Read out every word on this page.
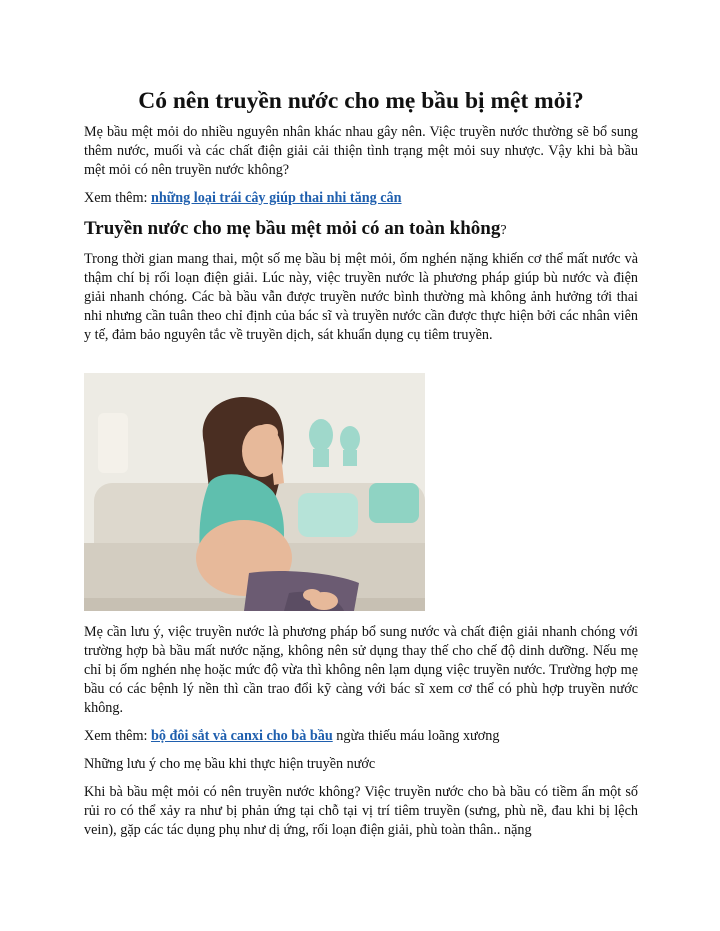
Có nên truyền nước cho mẹ bầu bị mệt mỏi?

Mẹ bầu mệt mỏi do nhiều nguyên nhân khác nhau gây nên. Việc truyền nước thường sẽ bổ sung thêm nước, muối và các chất điện giải cải thiện tình trạng mệt mỏi suy nhược. Vậy khi bà bầu mệt mỏi có nên truyền nước không?

Xem thêm: những loại trái cây giúp thai nhi tăng cân

Truyền nước cho mẹ bầu mệt mỏi có an toàn không?

Trong thời gian mang thai, một số mẹ bầu bị mệt mỏi, ốm nghén nặng khiến cơ thể mất nước và thậm chí bị rối loạn điện giải. Lúc này, việc truyền nước là phương pháp giúp bù nước và điện giải nhanh chóng. Các bà bầu vẫn được truyền nước bình thường mà không ảnh hưởng tới thai nhi nhưng cần tuân theo chỉ định của bác sĩ và truyền nước cần được thực hiện bởi các nhân viên y tế, đảm bảo nguyên tắc về truyền dịch, sát khuẩn dụng cụ tiêm truyền.

Mẹ cần lưu ý, việc truyền nước là phương pháp bổ sung nước và chất điện giải nhanh chóng với trường hợp bà bầu mất nước nặng, không nên sử dụng thay thế cho chế độ dinh dưỡng. Nếu mẹ chỉ bị ốm nghén nhẹ hoặc mức độ vừa thì không nên lạm dụng việc truyền nước. Trường hợp mẹ bầu có các bệnh lý nền thì cần trao đổi kỹ càng với bác sĩ xem cơ thể có phù hợp truyền nước không.

Xem thêm: bộ đôi sắt và canxi cho bà bầu ngừa thiếu máu loãng xương

Những lưu ý cho mẹ bầu khi thực hiện truyền nước

Khi bà bầu mệt mỏi có nên truyền nước không? Việc truyền nước cho bà bầu có tiềm ẩn một số rủi ro có thể xảy ra như bị phản ứng tại chỗ tại vị trí tiêm truyền (sưng, phù nề, đau khi bị lệch vein), gặp các tác dụng phụ như dị ứng, rối loạn điện giải, phù toàn thân.. nặng
